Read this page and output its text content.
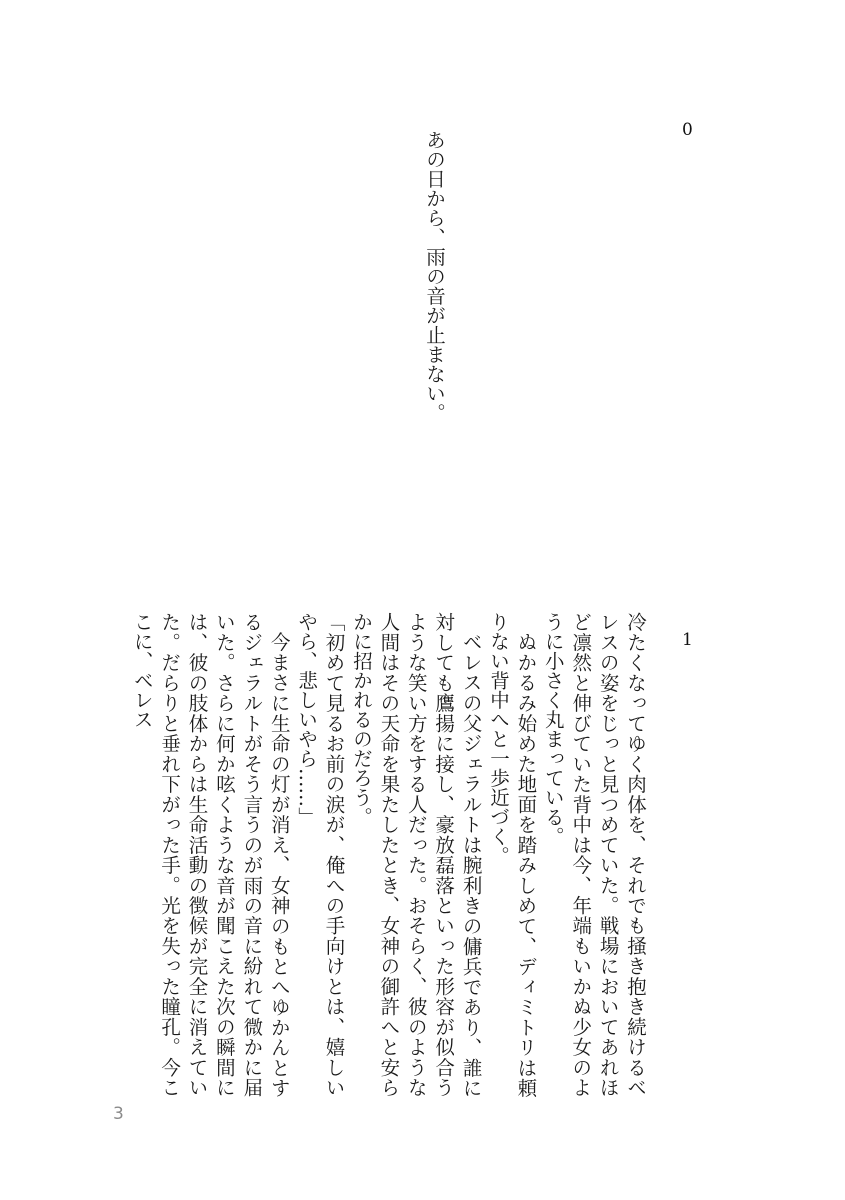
0

あの日から、雨の音が止まない。

1

冷たくなってゆく肉体を、それでも掻き抱き続けるベレスの姿をじっと見つめていた。戦場においてあれほど凛然と伸びていた背中は今、年端もいかぬ少女のように小さく丸まっている。

ぬかるみ始めた地面を踏みしめて、ディミトリは頼りない背中へと一歩近づく。

ベレスの父ジェラルトは腕利きの傭兵であり、誰に対しても鷹揚に接し、豪放磊落といった形容が似合うような笑い方をする人だった。おそらく、彼のような人間はその天命を果たしたとき、女神の御許へと安らかに招かれるのだろう。

「初めて見るお前の涙が、俺への手向けとは、嬉しいやら、悲しいやら……」

今まさに生命の灯が消え、女神のもとへゆかんとするジェラルトがそう言うのが雨の音に紛れて微かに届いた。さらに何か呟くような音が聞こえた次の瞬間には、彼の肢体からは生命活動の徴候が完全に消えていた。だらりと垂れ下がった手。光を失った瞳孔。今ここに、ベレス

3
